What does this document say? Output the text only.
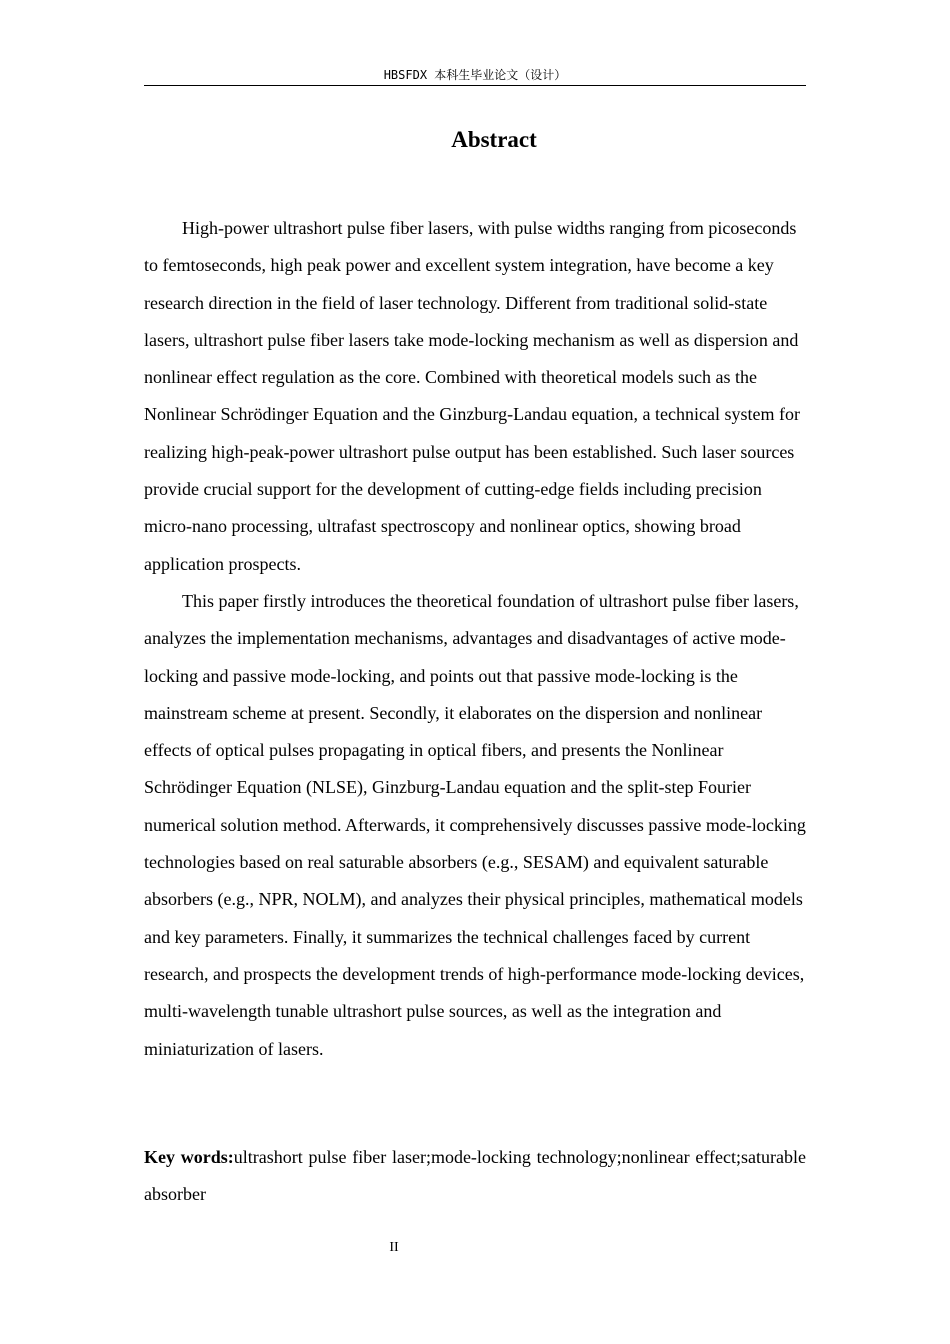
HBSFDX 本科生毕业论文（设计）
Abstract

High-power ultrashort pulse fiber lasers, with pulse widths ranging from picoseconds to femtoseconds, high peak power and excellent system integration, have become a key research direction in the field of laser technology. Different from traditional solid-state lasers, ultrashort pulse fiber lasers take mode-locking mechanism as well as dispersion and nonlinear effect regulation as the core. Combined with theoretical models such as the Nonlinear Schrödinger Equation and the Ginzburg-Landau equation, a technical system for realizing high-peak-power ultrashort pulse output has been established. Such laser sources provide crucial support for the development of cutting-edge fields including precision micro-nano processing, ultrafast spectroscopy and nonlinear optics, showing broad application prospects.

This paper firstly introduces the theoretical foundation of ultrashort pulse fiber lasers, analyzes the implementation mechanisms, advantages and disadvantages of active mode-locking and passive mode-locking, and points out that passive mode-locking is the mainstream scheme at present. Secondly, it elaborates on the dispersion and nonlinear effects of optical pulses propagating in optical fibers, and presents the Nonlinear Schrödinger Equation (NLSE), Ginzburg-Landau equation and the split-step Fourier numerical solution method. Afterwards, it comprehensively discusses passive mode-locking technologies based on real saturable absorbers (e.g., SESAM) and equivalent saturable absorbers (e.g., NPR, NOLM), and analyzes their physical principles, mathematical models and key parameters. Finally, it summarizes the technical challenges faced by current research, and prospects the development trends of high-performance mode-locking devices, multi-wavelength tunable ultrashort pulse sources, as well as the integration and miniaturization of lasers.

Key words:ultrashort pulse fiber laser;mode-locking technology;nonlinear effect;saturable absorber

II
